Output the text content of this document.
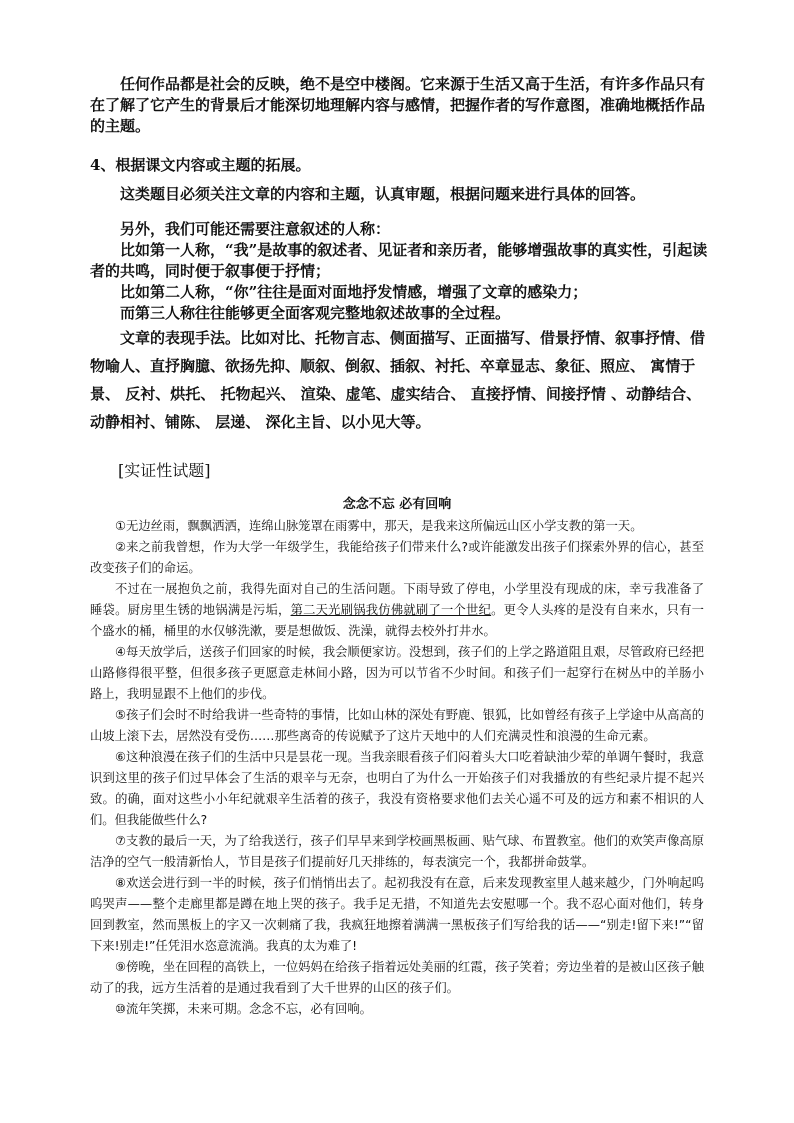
任何作品都是社会的反映，绝不是空中楼阁。它来源于生活又高于生活，有许多作品只有在了解了它产生的背景后才能深切地理解内容与感情，把握作者的写作意图，准确地概括作品的主题。

4、根据课文内容或主题的拓展。

这类题目必须关注文章的内容和主题，认真审题，根据问题来进行具体的回答。

另外，我们可能还需要注意叙述的人称：

比如第一人称，“我”是故事的叙述者、见证者和亲历者，能够增强故事的真实性，引起读者的共鸣，同时便于叙事便于抒情；

比如第二人称，“你”往往是面对面地抒发情感，增强了文章的感染力；

而第三人称往往能够更全面客观完整地叙述故事的全过程。

文章的表现手法。比如对比、托物言志、侧面描写、正面描写、借景抒情、叙事抒情、借物喻人、直抒胸臆、欲扬先抑、顺叙、倒叙、插叙、衬托、卒章显志、象征、照应、 寓情于景、 反衬、烘托、 托物起兴、 渲染、虚笔、虚实结合、 直接抒情、间接抒情 、动静结合、 动静相衬、铺陈、 层递、 深化主旨、以小见大等。

[实证性试题]
念念不忘 必有回响

①无边丝雨，飘飘洒洒，连绵山脉笼罩在雨雾中，那天，是我来这所偏远山区小学支教的第一天。

②来之前我曾想，作为大学一年级学生，我能给孩子们带来什么?或许能激发出孩子们探索外界的信心，甚至改变孩子们的命运。

不过在一展抱负之前，我得先面对自己的生活问题。下雨导致了停电，小学里没有现成的床，幸亏我准备了睡袋。厨房里生锈的地锅满是污垢，第二天光刷锅我仿佛就刷了一个世纪。更令人头疼的是没有自来水，只有一个盛水的桶，桶里的水仅够洗漱，要是想做饭、洗澡，就得去校外打井水。

④每天放学后，送孩子们回家的时候，我会顺便家访。没想到，孩子们的上学之路道阻且艰，尽管政府已经把山路修得很平整，但很多孩子更愿意走林间小路，因为可以节省不少时间。和孩子们一起穿行在树丛中的羊肠小路上，我明显跟不上他们的步伐。

⑤孩子们会时不时给我讲一些奇特的事情，比如山林的深处有野鹿、银狐，比如曾经有孩子上学途中从高高的山坡上滚下去，居然没有受伤……那些离奇的传说赋予了这片天地中的人们充满灵性和浪漫的生命元素。

⑥这种浪漫在孩子们的生活中只是昙花一现。当我亲眼看孩子们闷着头大口吃着缺油少荤的单调午餐时，我意识到这里的孩子们过早体会了生活的艰辛与无奈，也明白了为什么一开始孩子们对我播放的有些纪录片提不起兴致。的确，面对这些小小年纪就艰辛生活着的孩子，我没有资格要求他们去关心遥不可及的远方和素不相识的人们。但我能做些什么?

⑦支教的最后一天，为了给我送行，孩子们早早来到学校画黑板画、贴气球、布置教室。他们的欢笑声像高原洁净的空气一般清新怡人，节目是孩子们提前好几天排练的，每表演完一个，我都拼命鼓掌。

⑧欢送会进行到一半的时候，孩子们悄悄出去了。起初我没有在意，后来发现教室里人越来越少，门外响起呜呜哭声——整个走廊里都是蹲在地上哭的孩子。我手足无措，不知道先去安慰哪一个。我不忍心面对他们，转身回到教室，然而黑板上的字又一次刺痛了我，我疯狂地擦着满满一黑板孩子们写给我的话——“别走!留下来!”“留下来!别走!”任凭泪水恣意流淌。我真的太为难了!

⑨傍晚，坐在回程的高铁上，一位妈妈在给孩子指着远处美丽的红霞，孩子笑着；旁边坐着的是被山区孩子触动了的我，远方生活着的是通过我看到了大千世界的山区的孩子们。

⑩流年笑掷，未来可期。念念不忘，必有回响。
